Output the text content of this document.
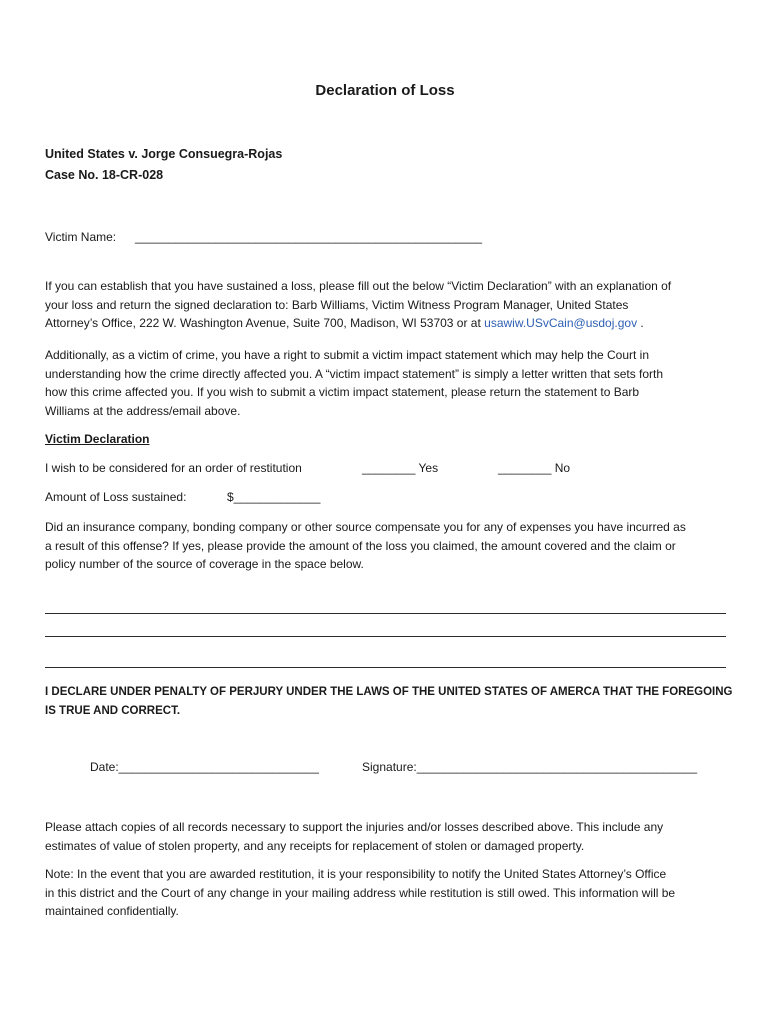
Declaration of Loss
United States v. Jorge Consuegra-Rojas
Case No. 18-CR-028
Victim Name: ____________________________________________________
If you can establish that you have sustained a loss, please fill out the below “Victim Declaration” with an explanation of
your loss and return the signed declaration to: Barb Williams, Victim Witness Program Manager, United States
Attorney’s Office, 222 W. Washington Avenue, Suite 700, Madison, WI 53703 or at usawiw.USvCain@usdoj.gov .
Additionally, as a victim of crime, you have a right to submit a victim impact statement which may help the Court in
understanding how the crime directly affected you. A “victim impact statement” is simply a letter written that sets forth
how this crime affected you. If you wish to submit a victim impact statement, please return the statement to Barb
Williams at the address/email above.
Victim Declaration
I wish to be considered for an order of restitution	________ Yes	________ No
Amount of Loss sustained:	$_____________
Did an insurance company, bonding company or other source compensate you for any of expenses you have incurred as
a result of this offense? If yes, please provide the amount of the loss you claimed, the amount covered and the claim or
policy number of the source of coverage in the space below.
I DECLARE UNDER PENALTY OF PERJURY UNDER THE LAWS OF THE UNITED STATES OF AMERCA THAT THE FOREGOING
IS TRUE AND CORRECT.
Date:______________________________	Signature:__________________________________________
Please attach copies of all records necessary to support the injuries and/or losses described above. This include any
estimates of value of stolen property, and any receipts for replacement of stolen or damaged property.
Note: In the event that you are awarded restitution, it is your responsibility to notify the United States Attorney’s Office
in this district and the Court of any change in your mailing address while restitution is still owed. This information will be
maintained confidentially.
